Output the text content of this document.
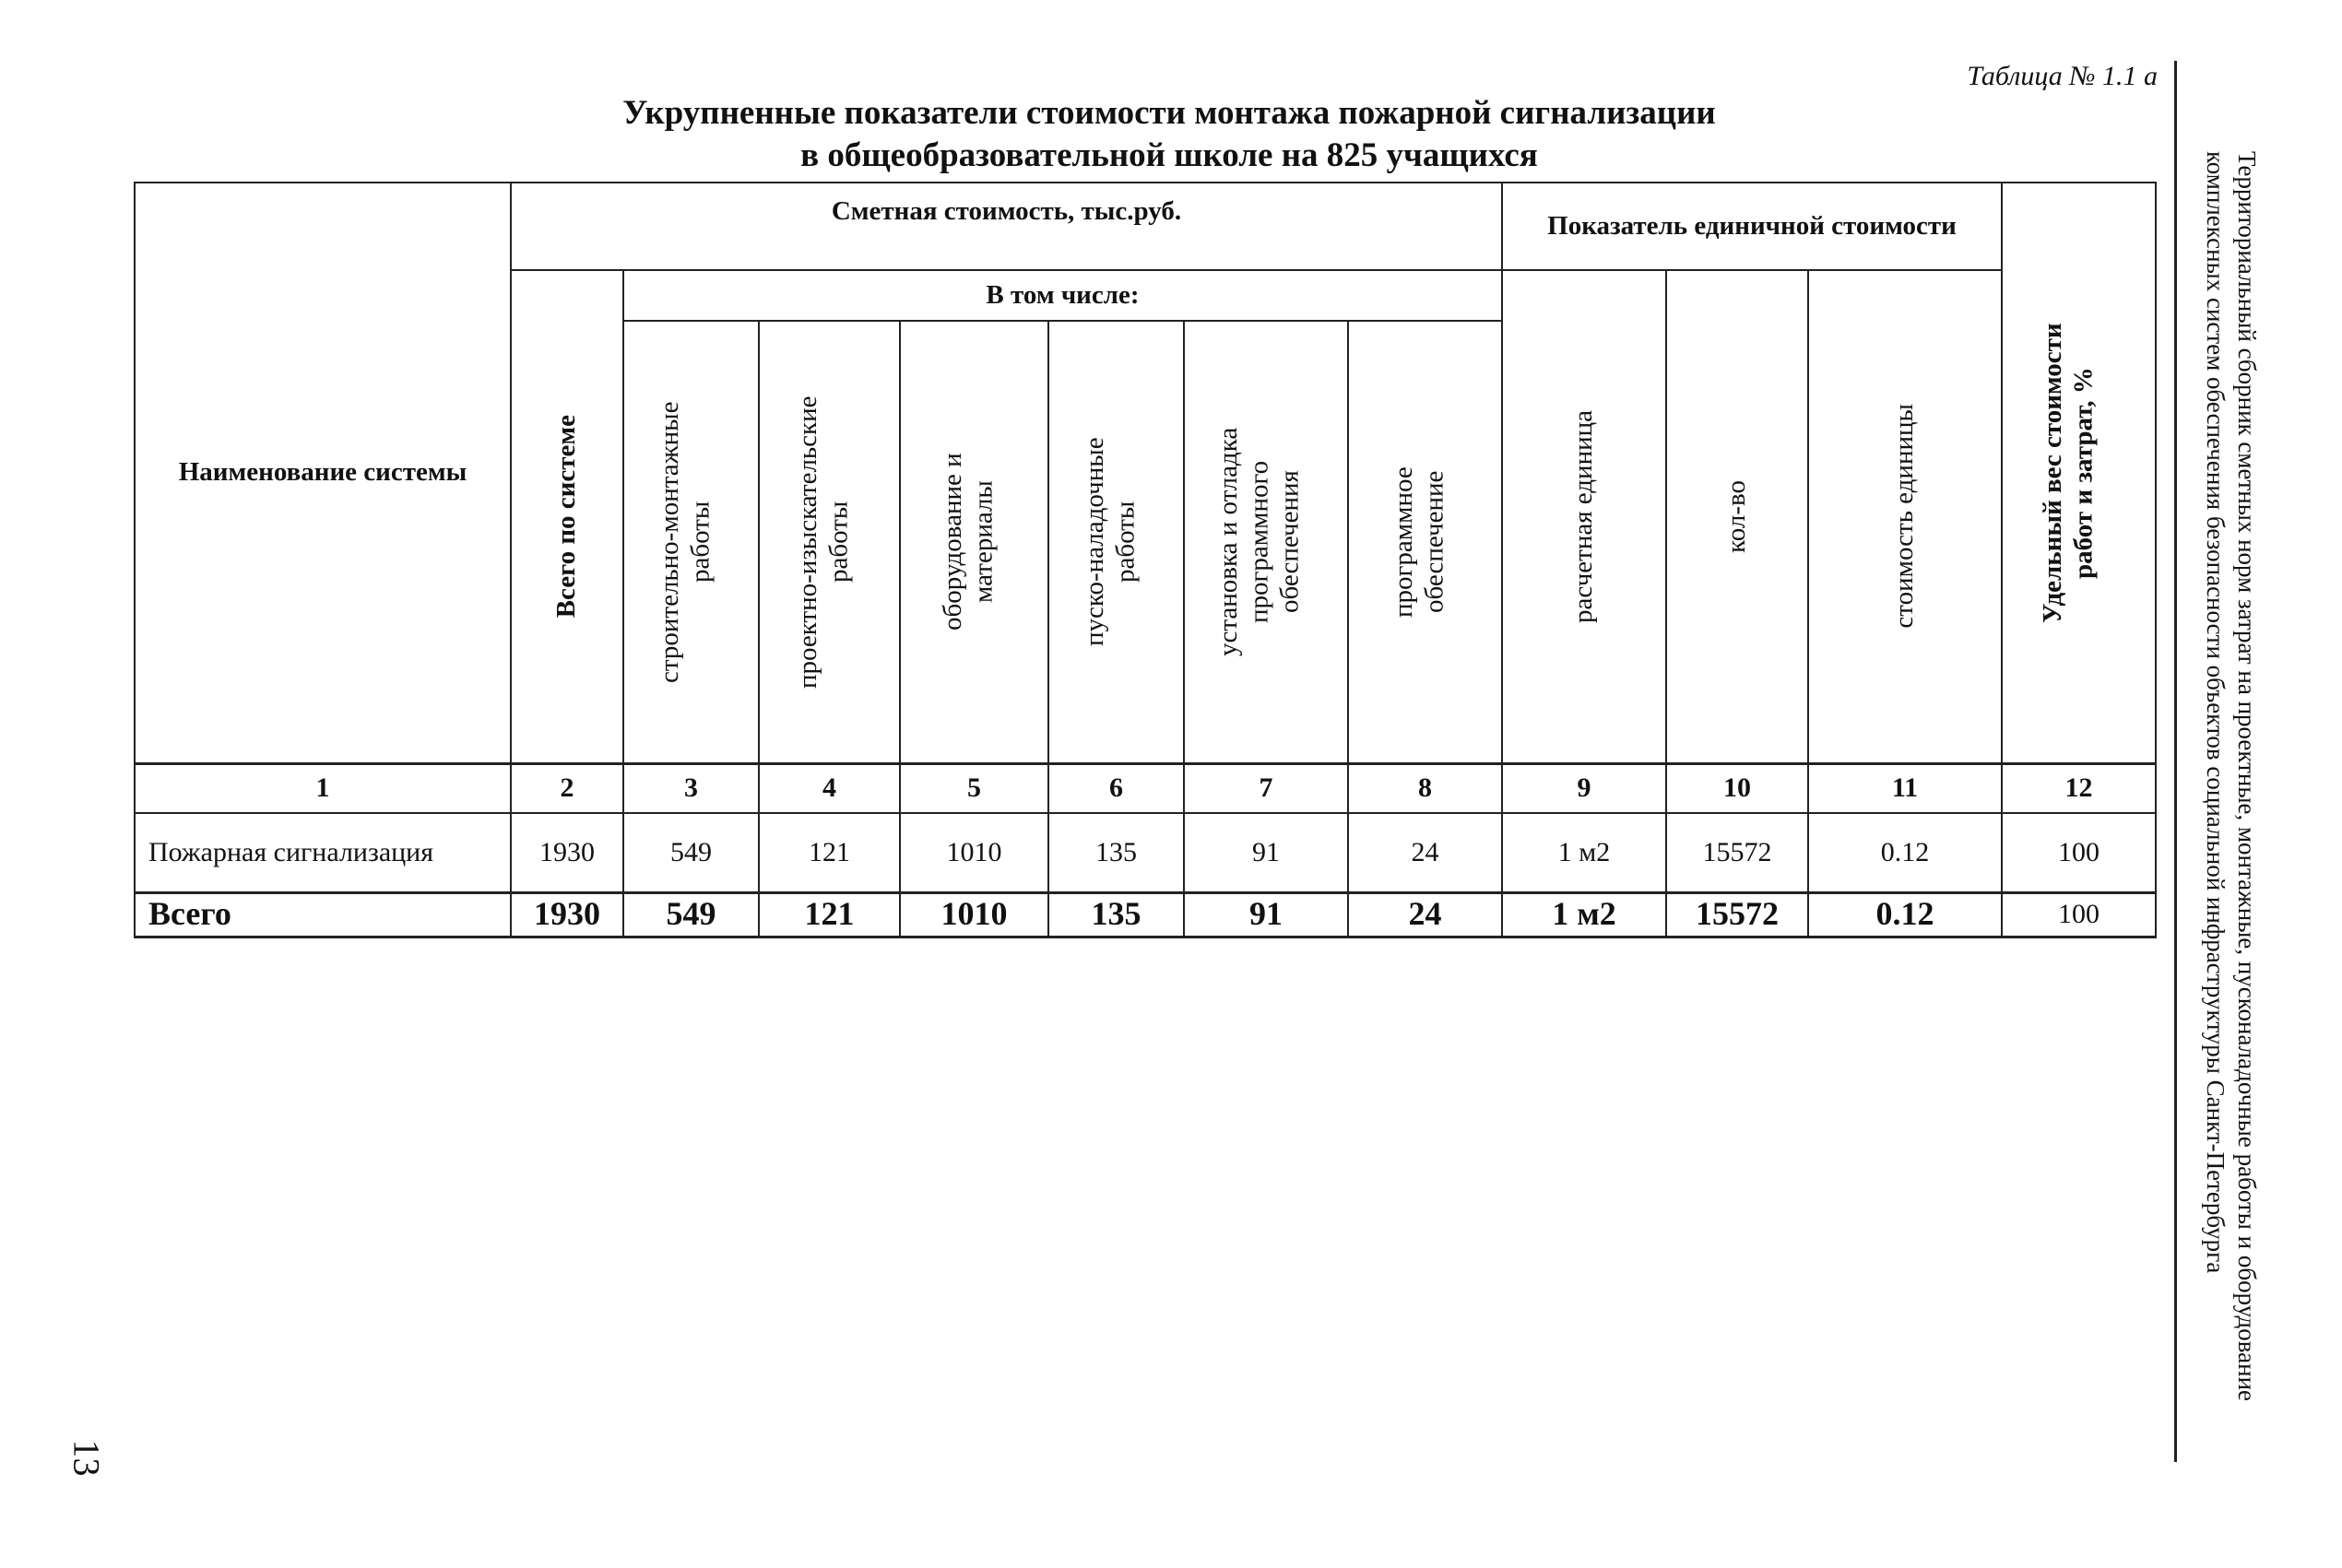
Таблица № 1.1 а
Укрупненные показатели стоимости монтажа пожарной сигнализации
в общеобразовательной школе на 825 учащихся
Наименование системы	Сметная стоимость, тыс.руб.							Показатель единичной стоимости			Удельный вес стоимости работ и затрат, %

	Всего по системе	В том числе:						расчетная единица	кол-во	стоимость единицы	

		строительно-монтажные работы	проектно-изыскательские работы	оборудование и материалы	пуско-наладочные работы	установка и отладка программного обеспечения	программное обеспечение				

1	2	3	4	5	6	7	8	9	10	11	12
Пожарная сигнализация	1930	549	121	1010	135	91	24	1 м2	15572	0.12	100
Всего	1930	549	121	1010	135	91	24	1 м2	15572	0.12	100	Территориальный сборник сметных норм затрат на проектные, монтажные, пусконаладочные работы и оборудование
комплексных систем обеспечения безопасности объектов социальной инфраструктуры Санкт-Петербурга
13
